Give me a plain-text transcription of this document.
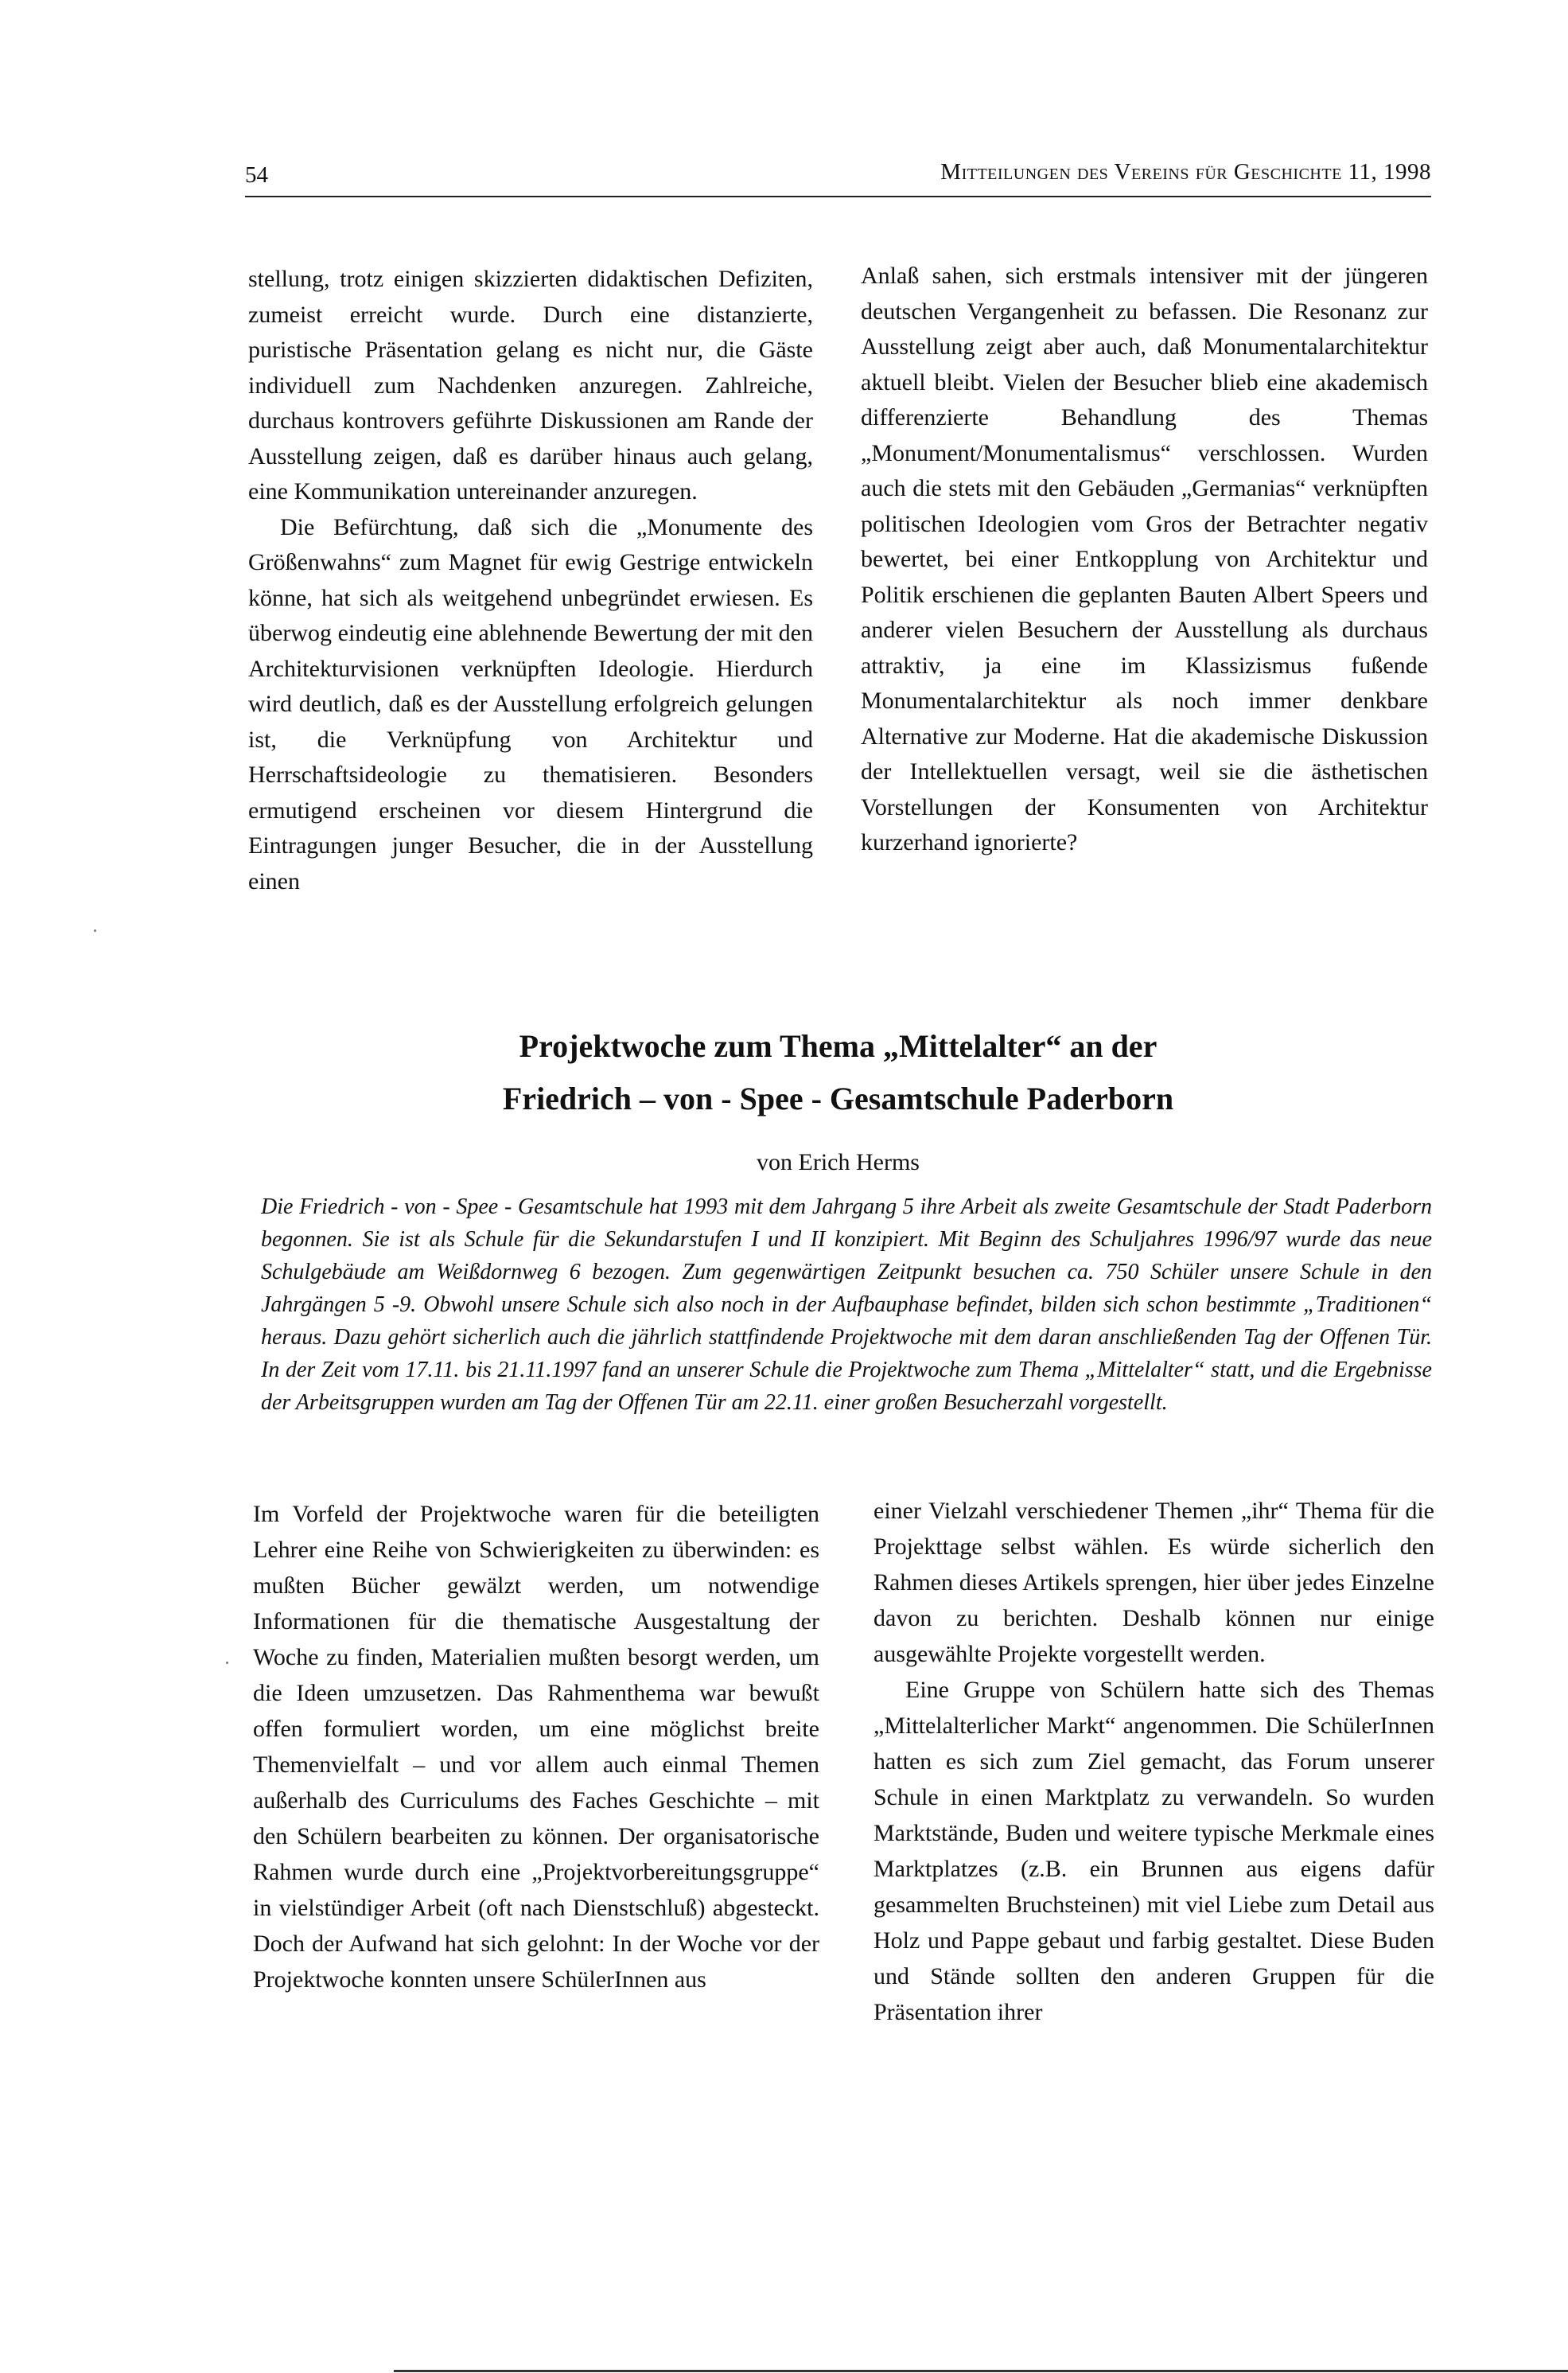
54	Mitteilungen des Vereins für Geschichte 11, 1998

stellung, trotz einigen skizzierten didaktischen Defiziten, zumeist erreicht wurde. Durch eine distanzierte, puristische Präsentation gelang es nicht nur, die Gäste individuell zum Nachdenken anzuregen. Zahlreiche, durchaus kontrovers geführte Diskussionen am Rande der Ausstellung zeigen, daß es darüber hinaus auch gelang, eine Kommunikation untereinander anzuregen.

Die Befürchtung, daß sich die „Monumente des Größenwahns“ zum Magnet für ewig Gestrige entwickeln könne, hat sich als weitgehend unbegründet erwiesen. Es überwog eindeutig eine ablehnende Bewertung der mit den Architekturvisionen verknüpften Ideologie. Hierdurch wird deutlich, daß es der Ausstellung erfolgreich gelungen ist, die Verknüpfung von Architektur und Herrschaftsideologie zu thematisieren. Besonders ermutigend erscheinen vor diesem Hintergrund die Eintragungen junger Besucher, die in der Ausstellung einen

Anlaß sahen, sich erstmals intensiver mit der jüngeren deutschen Vergangenheit zu befassen. Die Resonanz zur Ausstellung zeigt aber auch, daß Monumentalarchitektur aktuell bleibt. Vielen der Besucher blieb eine akademisch differenzierte Behandlung des Themas „Monument/Monumentalismus“ verschlossen. Wurden auch die stets mit den Gebäuden „Germanias“ verknüpften politischen Ideologien vom Gros der Betrachter negativ bewertet, bei einer Entkopplung von Architektur und Politik erschienen die geplanten Bauten Albert Speers und anderer vielen Besuchern der Ausstellung als durchaus attraktiv, ja eine im Klassizismus fußende Monumentalarchitektur als noch immer denkbare Alternative zur Moderne. Hat die akademische Diskussion der Intellektuellen versagt, weil sie die ästhetischen Vorstellungen der Konsumenten von Architektur kurzerhand ignorierte?

Projektwoche zum Thema „Mittelalter“ an der
Friedrich – von - Spee - Gesamtschule Paderborn
von Erich Herms
Die Friedrich - von - Spee - Gesamtschule hat 1993 mit dem Jahrgang 5 ihre Arbeit als zweite Gesamtschule der Stadt Paderborn begonnen. Sie ist als Schule für die Sekundarstufen I und II konzipiert. Mit Beginn des Schuljahres 1996/97 wurde das neue Schulgebäude am Weißdornweg 6 bezogen. Zum gegenwärtigen Zeitpunkt besuchen ca. 750 Schüler unsere Schule in den Jahrgängen 5 -9. Obwohl unsere Schule sich also noch in der Aufbauphase befindet, bilden sich schon bestimmte „Traditionen“ heraus. Dazu gehört sicherlich auch die jährlich stattfindende Projektwoche mit dem daran anschließenden Tag der Offenen Tür. In der Zeit vom 17.11. bis 21.11.1997 fand an unserer Schule die Projektwoche zum Thema „Mittelalter“ statt, und die Ergebnisse der Arbeitsgruppen wurden am Tag der Offenen Tür am 22.11. einer großen Besucherzahl vorgestellt.

Im Vorfeld der Projektwoche waren für die beteiligten Lehrer eine Reihe von Schwierigkeiten zu überwinden: es mußten Bücher gewälzt werden, um notwendige Informationen für die thematische Ausgestaltung der Woche zu finden, Materialien mußten besorgt werden, um die Ideen umzusetzen. Das Rahmenthema war bewußt offen formuliert worden, um eine möglichst breite Themenvielfalt – und vor allem auch einmal Themen außerhalb des Curriculums des Faches Geschichte – mit den Schülern bearbeiten zu können. Der organisatorische Rahmen wurde durch eine „Projektvorbereitungsgruppe“ in vielstündiger Arbeit (oft nach Dienstschluß) abgesteckt. Doch der Aufwand hat sich gelohnt: In der Woche vor der Projektwoche konnten unsere SchülerInnen aus

einer Vielzahl verschiedener Themen „ihr“ Thema für die Projekttage selbst wählen. Es würde sicherlich den Rahmen dieses Artikels sprengen, hier über jedes Einzelne davon zu berichten. Deshalb können nur einige ausgewählte Projekte vorgestellt werden.

Eine Gruppe von Schülern hatte sich des Themas „Mittelalterlicher Markt“ angenommen. Die SchülerInnen hatten es sich zum Ziel gemacht, das Forum unserer Schule in einen Marktplatz zu verwandeln. So wurden Marktstände, Buden und weitere typische Merkmale eines Marktplatzes (z.B. ein Brunnen aus eigens dafür gesammelten Bruchsteinen) mit viel Liebe zum Detail aus Holz und Pappe gebaut und farbig gestaltet. Diese Buden und Stände sollten den anderen Gruppen für die Präsentation ihrer
